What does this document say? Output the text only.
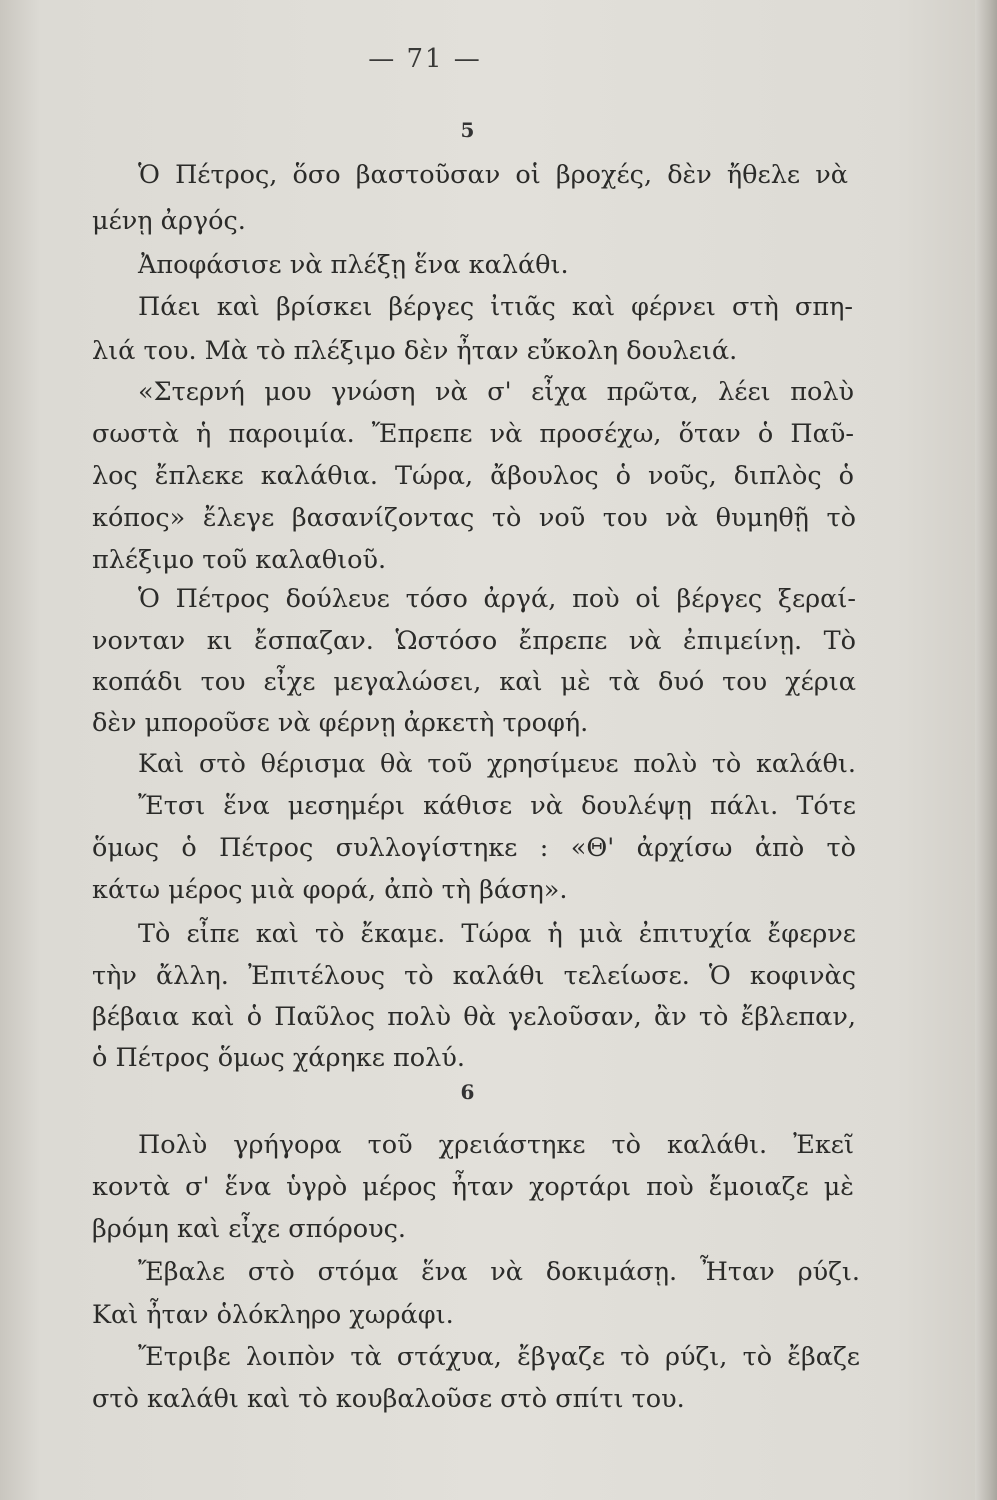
— 71 —
5
Ὁ Πέτρος, ὅσο βαστοῦσαν οἱ βροχές, δὲν ἤθελε νὰ
μένῃ ἀργός.
Ἀποφάσισε νὰ πλέξῃ ἕνα καλάθι.
Πάει καὶ βρίσκει βέργες ἰτιᾶς καὶ φέρνει στὴ σπη-
λιά του. Μὰ τὸ πλέξιμο δὲν ἦταν εὔκολη δουλειά.
«Στερνή μου γνώση νὰ σ' εἶχα πρῶτα, λέει πολὺ
σωστὰ ἡ παροιμία. Ἔπρεπε νὰ προσέχω, ὅταν ὁ Παῦ-
λος ἔπλεκε καλάθια. Τώρα, ἄβουλος ὁ νοῦς, διπλὸς ὁ
κόπος» ἔλεγε βασανίζοντας τὸ νοῦ του νὰ θυμηθῇ τὸ
πλέξιμο τοῦ καλαθιοῦ.
Ὁ Πέτρος δούλευε τόσο ἀργά, ποὺ οἱ βέργες ξεραί-
νονταν κι ἔσπαζαν. Ὡστόσο ἔπρεπε νὰ ἐπιμείνῃ. Τὸ
κοπάδι του εἶχε μεγαλώσει, καὶ μὲ τὰ δυό του χέρια
δὲν μποροῦσε νὰ φέρνῃ ἀρκετὴ τροφή.
Καὶ στὸ θέρισμα θὰ τοῦ χρησίμευε πολὺ τὸ καλάθι.
Ἔτσι ἕνα μεσημέρι κάθισε νὰ δουλέψῃ πάλι. Τότε
ὅμως ὁ Πέτρος συλλογίστηκε : «Θ' ἀρχίσω ἀπὸ τὸ
κάτω μέρος μιὰ φορά, ἀπὸ τὴ βάση».
Τὸ εἶπε καὶ τὸ ἔκαμε. Τώρα ἡ μιὰ ἐπιτυχία ἔφερνε
τὴν ἄλλη. Ἐπιτέλους τὸ καλάθι τελείωσε. Ὁ κοφινὰς
βέβαια καὶ ὁ Παῦλος πολὺ θὰ γελοῦσαν, ἂν τὸ ἔβλεπαν,
ὁ Πέτρος ὅμως χάρηκε πολύ.
6
Πολὺ γρήγορα τοῦ χρειάστηκε τὸ καλάθι. Ἐκεῖ
κοντὰ σ' ἕνα ὑγρὸ μέρος ἦταν χορτάρι ποὺ ἔμοιαζε μὲ
βρόμη καὶ εἶχε σπόρους.
Ἔβαλε στὸ στόμα ἕνα νὰ δοκιμάσῃ. Ἦταν ρύζι.
Καὶ ἦταν ὁλόκληρο χωράφι.
Ἔτριβε λοιπὸν τὰ στάχυα, ἔβγαζε τὸ ρύζι, τὸ ἔβαζε
στὸ καλάθι καὶ τὸ κουβαλοῦσε στὸ σπίτι του.
